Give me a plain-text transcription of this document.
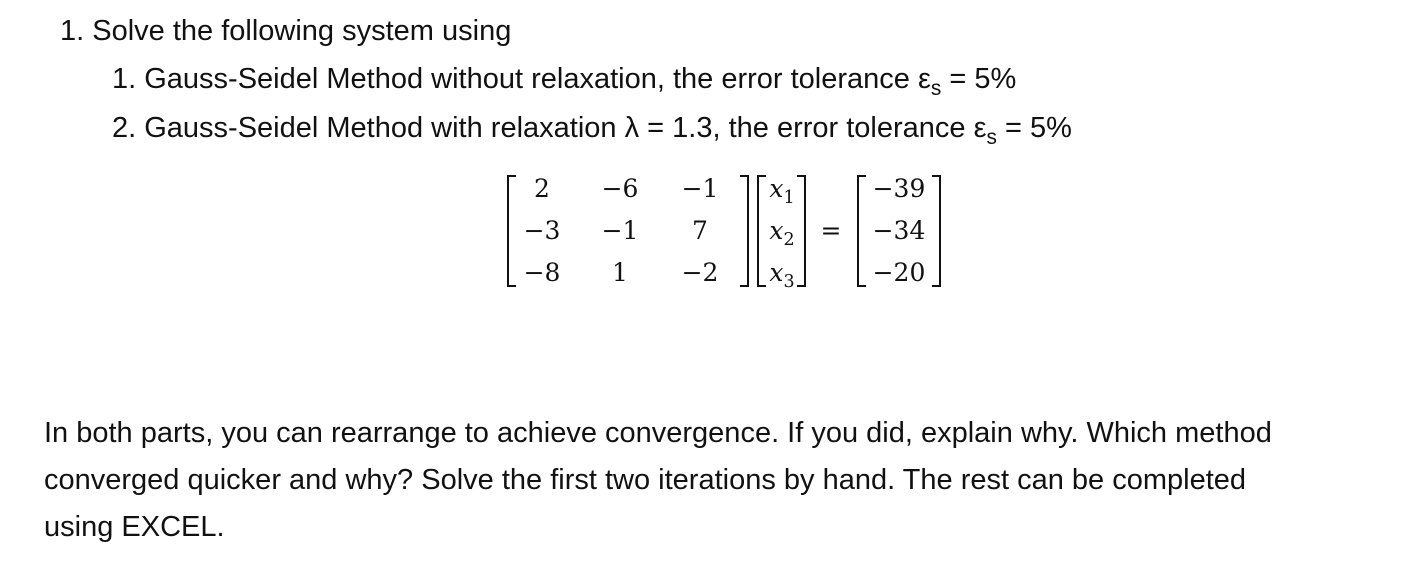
1. Solve the following system using
1. Gauss-Seidel Method without relaxation, the error tolerance $\varepsilon_s = 5\%$
2. Gauss-Seidel Method with relaxation λ = 1.3, the error tolerance $\varepsilon_s = 5\%$
2	−6	−1
−3	−1	7
−8	1	−2
$x_1$
$x_2$
$x_3$
=
−39
−34
−20
In both parts, you can rearrange to achieve convergence. If you did, explain why. Which method
converged quicker and why? Solve the first two iterations by hand. The rest can be completed
using EXCEL.
